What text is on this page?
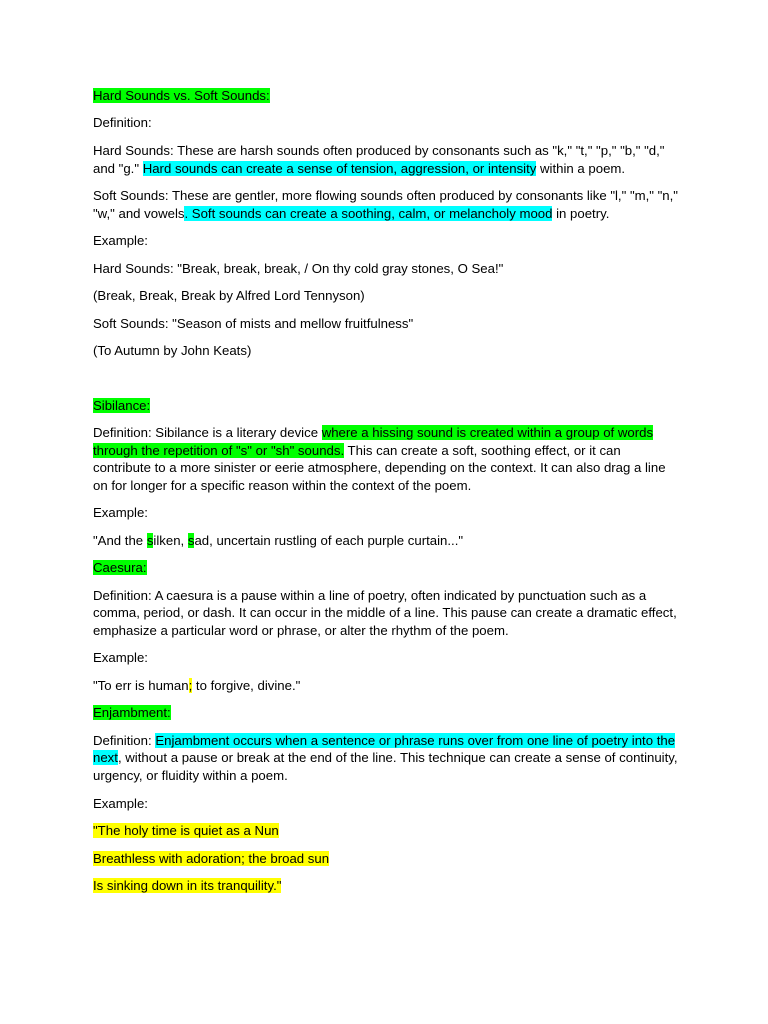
Hard Sounds vs. Soft Sounds:

Definition:

Hard Sounds: These are harsh sounds often produced by consonants such as "k," "t," "p," "b," "d," and "g." Hard sounds can create a sense of tension, aggression, or intensity within a poem.

Soft Sounds: These are gentler, more flowing sounds often produced by consonants like "l," "m," "n," "w," and vowels. Soft sounds can create a soothing, calm, or melancholy mood in poetry.

Example:

Hard Sounds: "Break, break, break, / On thy cold gray stones, O Sea!"

(Break, Break, Break by Alfred Lord Tennyson)

Soft Sounds: "Season of mists and mellow fruitfulness"

(To Autumn by John Keats)

Sibilance:

Definition: Sibilance is a literary device where a hissing sound is created within a group of words through the repetition of "s" or "sh" sounds. This can create a soft, soothing effect, or it can contribute to a more sinister or eerie atmosphere, depending on the context. It can also drag a line on for longer for a specific reason within the context of the poem.

Example:

"And the silken, sad, uncertain rustling of each purple curtain..."

Caesura:

Definition: A caesura is a pause within a line of poetry, often indicated by punctuation such as a comma, period, or dash. It can occur in the middle of a line. This pause can create a dramatic effect, emphasize a particular word or phrase, or alter the rhythm of the poem.

Example:

"To err is human; to forgive, divine."

Enjambment:

Definition: Enjambment occurs when a sentence or phrase runs over from one line of poetry into the next, without a pause or break at the end of the line. This technique can create a sense of continuity, urgency, or fluidity within a poem.

Example:

"The holy time is quiet as a Nun

Breathless with adoration; the broad sun

Is sinking down in its tranquility."
